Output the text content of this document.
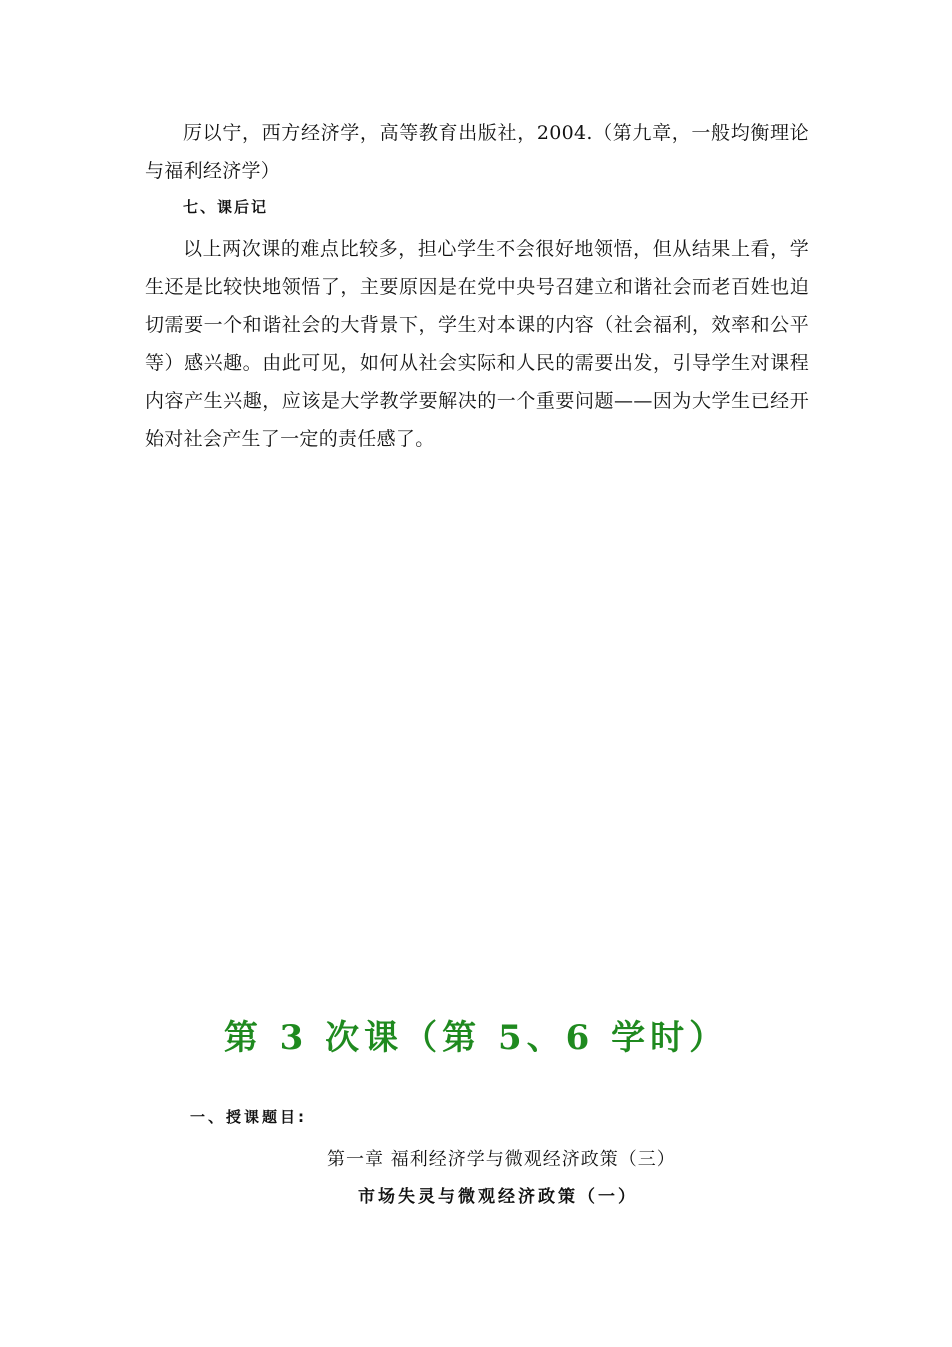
厉以宁，西方经济学，高等教育出版社，2004.（第九章，一般均衡理论与福利经济学）

七、课后记

以上两次课的难点比较多，担心学生不会很好地领悟，但从结果上看，学生还是比较快地领悟了，主要原因是在党中央号召建立和谐社会而老百姓也迫切需要一个和谐社会的大背景下，学生对本课的内容（社会福利，效率和公平等）感兴趣。由此可见，如何从社会实际和人民的需要出发，引导学生对课程内容产生兴趣，应该是大学教学要解决的一个重要问题——因为大学生已经开始对社会产生了一定的责任感了。

第 3 次课（第 5、6 学时）

一、授课题目:

第一章 福利经济学与微观经济政策（三）

市场失灵与微观经济政策（一）
